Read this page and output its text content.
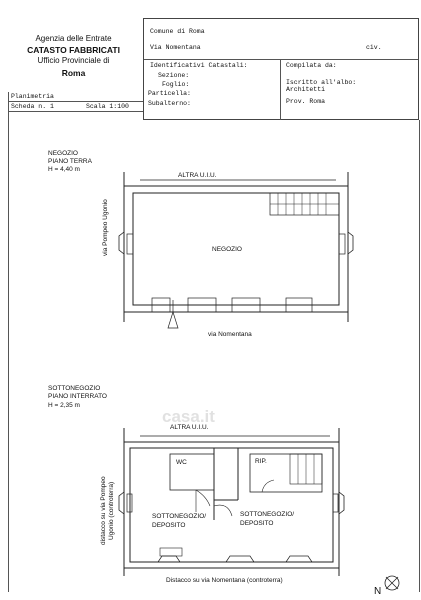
Agenzia delle Entrate
CATASTO FABBRICATI
Ufficio Provinciale di
Roma
Comune di Roma
Via Nomentana	civ.
Identificativi Catastali:
Sezione:
Foglio:
Particella:
Subalterno:
Compilata da:
Iscritto all'albo:
Architetti
Prov. Roma
Planimetria
Scheda n. 1	Scala 1:100
NEGOZIO
PIANO TERRA
H = 4,40 m
ALTRA U.I.U.
NEGOZIO
via Pompeo Ugonio
via Nomentana
SOTTONEGOZIO
PIANO INTERRATO
H = 2,35 m
casa.it
ALTRA U.I.U.
WC	RIP.
SOTTONEGOZIO/
DEPOSITO
SOTTONEGOZIO/
DEPOSITO
distacco su via Pompeo Ugonio (controterra)
Distacco su via Nomentana (controterra)
N
